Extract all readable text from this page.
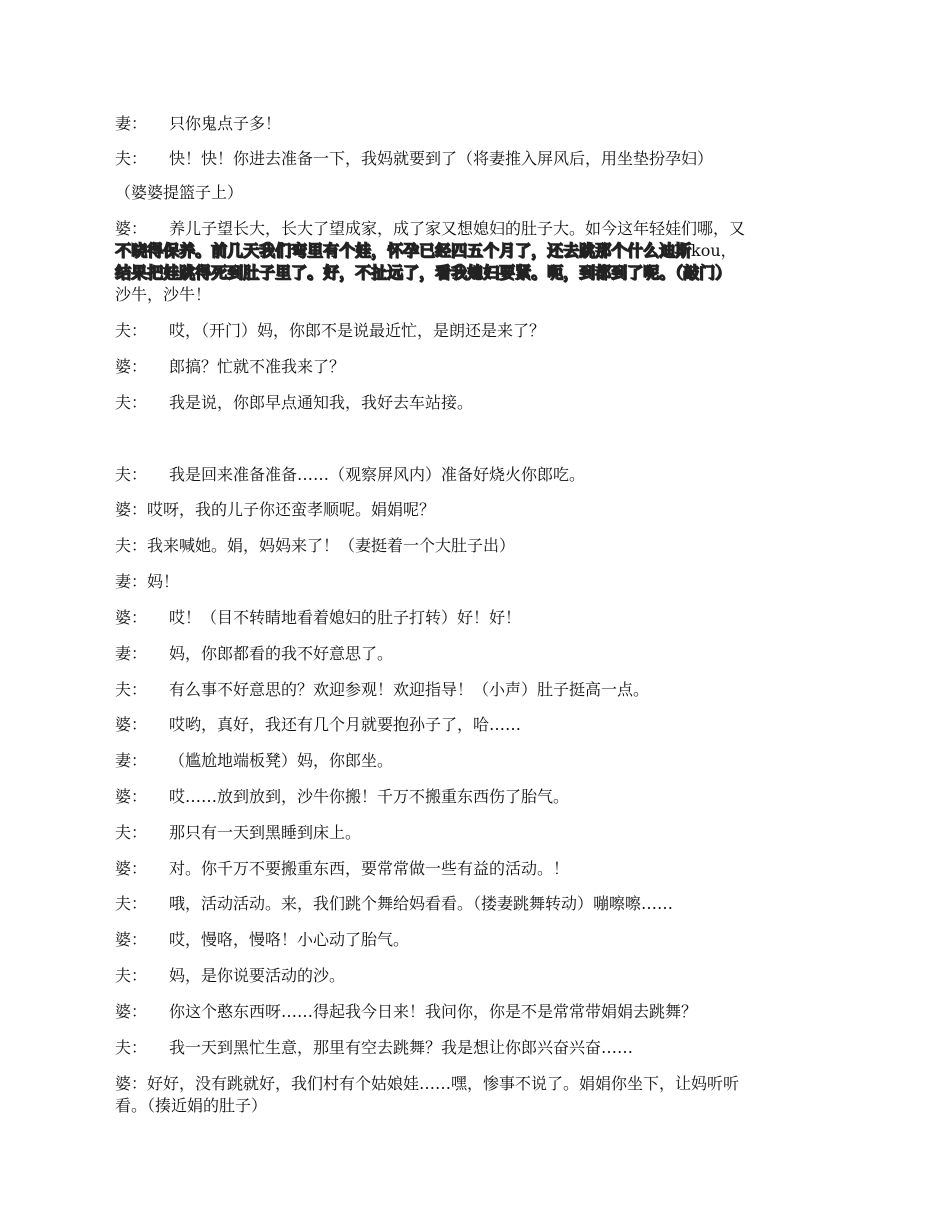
妻： 只你鬼点子多！
夫： 快！快！你进去准备一下，我妈就要到了（将妻推入屏风后，用坐垫扮孕妇）
（婆婆提篮子上）
婆： 养儿子望长大，长大了望成家，成了家又想媳妇的肚子大。如今这年轻娃们哪，又
不晓得保养。前几天我们弯里有个娃，怀孕已经四五个月了，还去跳那个什么迪斯kou，
结果把娃跳得死到肚子里了。好，不扯远了，看我媳妇要紧。呃，到都到了呢。（敲门）
沙牛，沙牛！
夫： 哎，（开门）妈，你郎不是说最近忙，是朗还是来了？
婆： 郎搞？忙就不准我来了？
夫： 我是说，你郎早点通知我，我好去车站接。
夫： 我是回来准备准备……（观察屏风内）准备好烧火你郎吃。
婆：哎呀，我的儿子你还蛮孝顺呢。娟娟呢？
夫：我来喊她。娟，妈妈来了！（妻挺着一个大肚子出）
妻：妈！
婆： 哎！（目不转睛地看着媳妇的肚子打转）好！好！
妻： 妈，你郎都看的我不好意思了。
夫： 有么事不好意思的？欢迎参观！欢迎指导！（小声）肚子挺高一点。
婆： 哎哟，真好，我还有几个月就要抱孙子了，哈……
妻： （尴尬地端板凳）妈，你郎坐。
婆： 哎……放到放到，沙牛你搬！千万不搬重东西伤了胎气。
夫： 那只有一天到黑睡到床上。
婆： 对。你千万不要搬重东西，要常常做一些有益的活动。！
夫： 哦，活动活动。来，我们跳个舞给妈看看。（搂妻跳舞转动）嘣嚓嚓……
婆： 哎，慢咯，慢咯！小心动了胎气。
夫： 妈，是你说要活动的沙。
婆： 你这个憨东西呀……得起我今日来！我问你，你是不是常常带娟娟去跳舞？
夫： 我一天到黑忙生意，那里有空去跳舞？我是想让你郎兴奋兴奋……
婆：好好，没有跳就好，我们村有个姑娘娃……嘿，惨事不说了。娟娟你坐下，让妈听听
看。（揍近娟的肚子）
